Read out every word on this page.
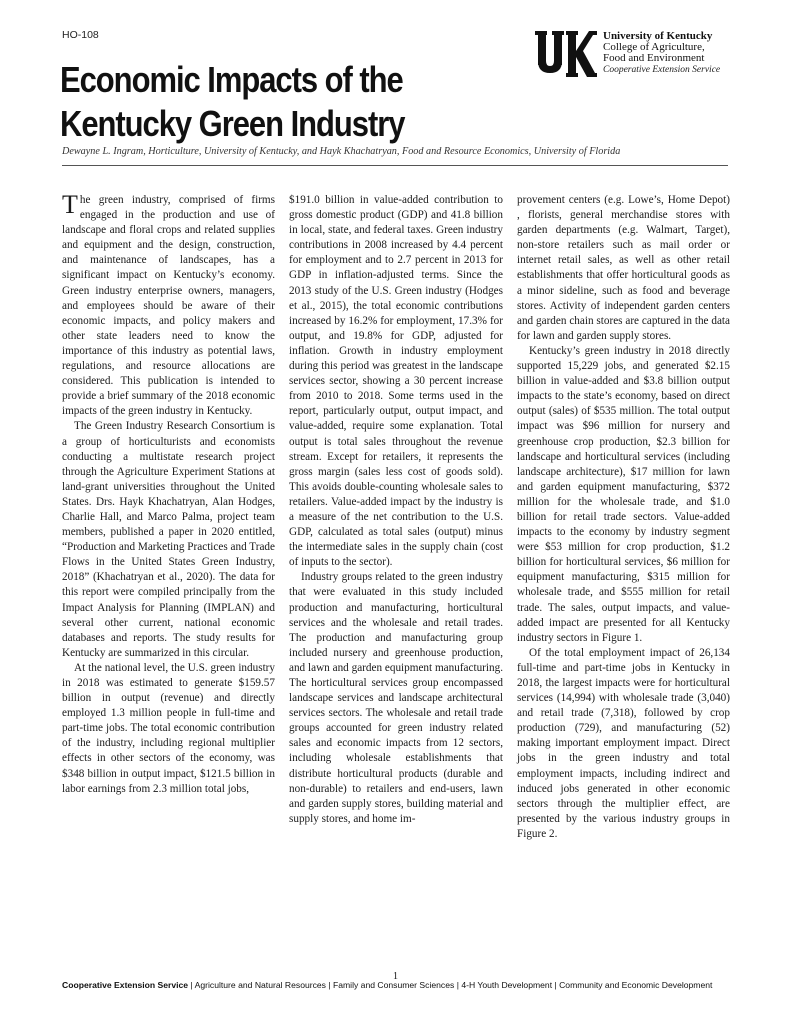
HO-108	University of Kentucky
College of Agriculture,
Food and Environment
Cooperative Extension Service
Economic Impacts of the
Kentucky Green Industry
Dewayne L. Ingram, Horticulture, University of Kentucky, and Hayk Khachatryan, Food and Resource Economics, University of Florida

The green industry, comprised of firms engaged in the production and use of landscape and floral crops and related supplies and equipment and the design, construction, and maintenance of landscapes, has a significant impact on Kentucky’s economy. Green industry enterprise owners, managers, and employees should be aware of their economic impacts, and policy makers and other state leaders need to know the importance of this industry as potential laws, regulations, and resource allocations are considered. This publication is intended to provide a brief summary of the 2018 economic impacts of the green industry in Kentucky.

The Green Industry Research Consortium is a group of horticulturists and economists conducting a multistate research project through the Agriculture Experiment Stations at land-grant universities throughout the United States. Drs. Hayk Khachatryan, Alan Hodges, Charlie Hall, and Marco Palma, project team members, published a paper in 2020 entitled, “Production and Marketing Practices and Trade Flows in the United States Green Industry, 2018” (Khachatryan et al., 2020). The data for this report were compiled principally from the Impact Analysis for Planning (IMPLAN) and several other current, national economic databases and reports. The study results for Kentucky are summarized in this circular.

At the national level, the U.S. green industry in 2018 was estimated to generate $159.57 billion in output (revenue) and directly employed 1.3 million people in full-time and part-time jobs. The total economic contribution of the industry, including regional multiplier effects in other sectors of the economy, was $348 billion in output impact, $121.5 billion in labor earnings from 2.3 million total jobs,

$191.0 billion in value-added contribution to gross domestic product (GDP) and 41.8 billion in local, state, and federal taxes. Green industry contributions in 2008 increased by 4.4 percent for employment and to 2.7 percent in 2013 for GDP in inflation-adjusted terms. Since the 2013 study of the U.S. Green industry (Hodges et al., 2015), the total economic contributions increased by 16.2% for employment, 17.3% for output, and 19.8% for GDP, adjusted for inflation. Growth in industry employment during this period was greatest in the landscape services sector, showing a 30 percent increase from 2010 to 2018. Some terms used in the report, particularly output, output impact, and value-added, require some explanation. Total output is total sales throughout the revenue stream. Except for retailers, it represents the gross margin (sales less cost of goods sold). This avoids double-counting wholesale sales to retailers. Value-added impact by the industry is a measure of the net contribution to the U.S. GDP, calculated as total sales (output) minus the intermediate sales in the supply chain (cost of inputs to the sector).

Industry groups related to the green industry that were evaluated in this study included production and manufacturing, horticultural services and the wholesale and retail trades. The production and manufacturing group included nursery and greenhouse production, and lawn and garden equipment manufacturing. The horticultural services group encompassed landscape services and landscape architectural services sectors. The wholesale and retail trade groups accounted for green industry related sales and economic impacts from 12 sectors, including wholesale establishments that distribute horticultural products (durable and non-durable) to retailers and end-users, lawn and garden supply stores, building material and supply stores, and home im-

provement centers (e.g. Lowe’s, Home Depot) , florists, general merchandise stores with garden departments (e.g. Walmart, Target), non-store retailers such as mail order or internet retail sales, as well as other retail establishments that offer horticultural goods as a minor sideline, such as food and beverage stores. Activity of independent garden centers and garden chain stores are captured in the data for lawn and garden supply stores.

Kentucky’s green industry in 2018 directly supported 15,229 jobs, and generated $2.15 billion in value-added and $3.8 billion output impacts to the state’s economy, based on direct output (sales) of $535 million. The total output impact was $96 million for nursery and greenhouse crop production, $2.3 billion for landscape and horticultural services (including landscape architecture), $17 million for lawn and garden equipment manufacturing, $372 million for the wholesale trade, and $1.0 billion for retail trade sectors. Value-added impacts to the economy by industry segment were $53 million for crop production, $1.2 billion for horticultural services, $6 million for equipment manufacturing, $315 million for wholesale trade, and $555 million for retail trade. The sales, output impacts, and value-added impact are presented for all Kentucky industry sectors in Figure 1.

Of the total employment impact of 26,134 full-time and part-time jobs in Kentucky in 2018, the largest impacts were for horticultural services (14,994) with wholesale trade (3,040) and retail trade (7,318), followed by crop production (729), and manufacturing (52) making important employment impact. Direct jobs in the green industry and total employment impacts, including indirect and induced jobs generated in other economic sectors through the multiplier effect, are presented by the various industry groups in Figure 2.

1
Cooperative Extension Service | Agriculture and Natural Resources | Family and Consumer Sciences | 4-H Youth Development | Community and Economic Development
